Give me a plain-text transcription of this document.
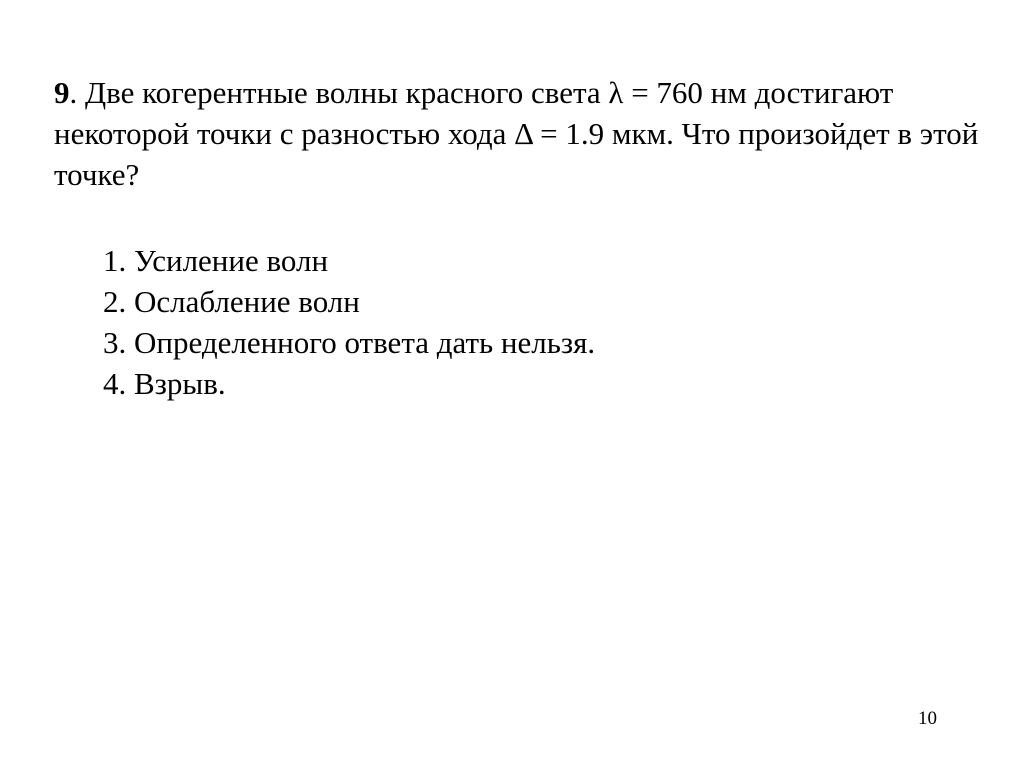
9. Две когерентные волны красного света λ = 760 нм достигают некоторой точки с разностью хода Δ = 1.9 мкм. Что произойдет в этой точке?

1. Усиление волн
2. Ослабление волн
3. Определенного ответа дать нельзя.
4. Взрыв.
10
